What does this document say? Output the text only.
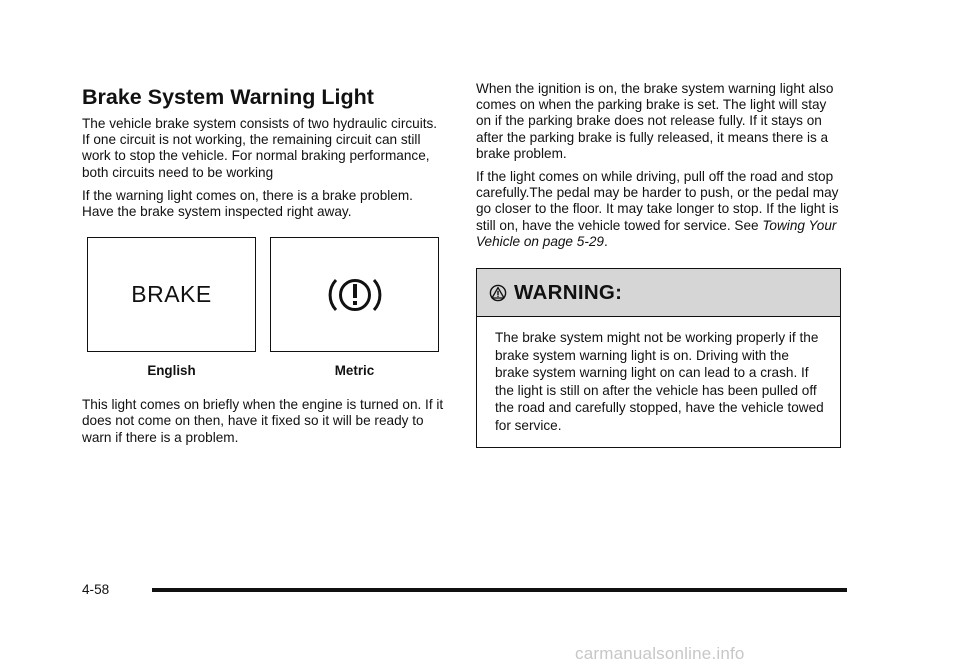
Brake System Warning Light

The vehicle brake system consists of two hydraulic circuits. If one circuit is not working, the remaining circuit can still work to stop the vehicle. For normal braking performance, both circuits need to be working

If the warning light comes on, there is a brake problem. Have the brake system inspected right away.

BRAKE
English	Metric

This light comes on briefly when the engine is turned on. If it does not come on then, have it fixed so it will be ready to warn if there is a problem.

When the ignition is on, the brake system warning light also comes on when the parking brake is set. The light will stay on if the parking brake does not release fully. If it stays on after the parking brake is fully released, it means there is a brake problem.

If the light comes on while driving, pull off the road and stop carefully.The pedal may be harder to push, or the pedal may go closer to the floor. It may take longer to stop. If the light is still on, have the vehicle towed for service. See Towing Your Vehicle on page 5-29.

WARNING:
The brake system might not be working properly if the brake system warning light is on. Driving with the brake system warning light on can lead to a crash. If the light is still on after the vehicle has been pulled off the road and carefully stopped, have the vehicle towed for service.
4-58
carmanualsonline.info
